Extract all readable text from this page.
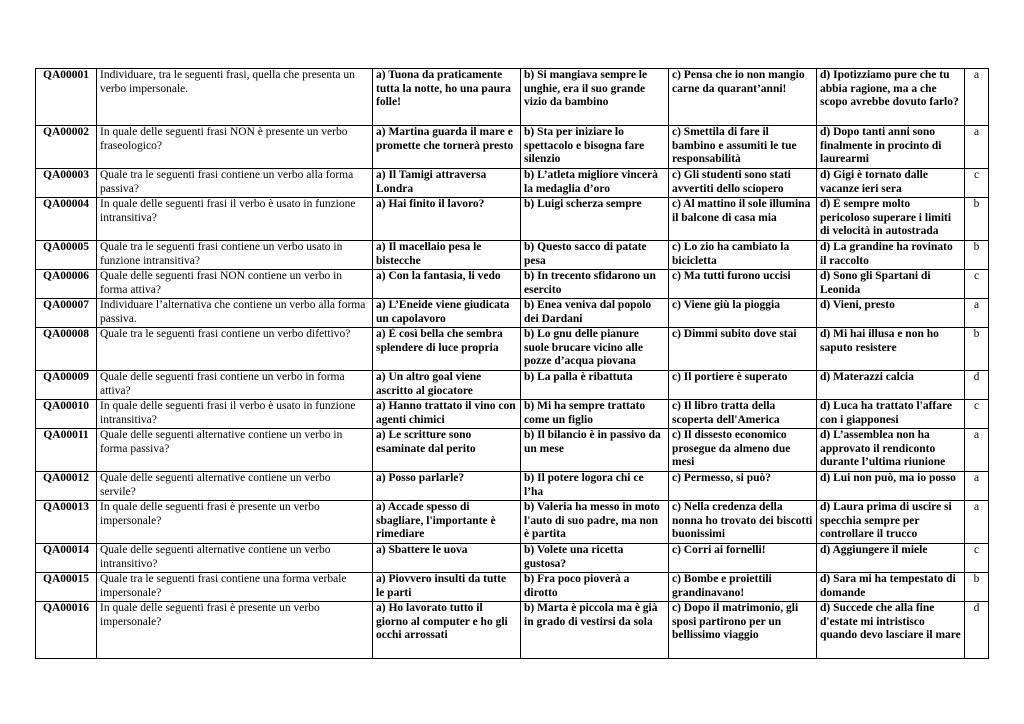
QA00001	Individuare, tra le seguenti frasi, quella che presenta un verbo impersonale.	a) Tuona da praticamente tutta la notte, ho una paura folle!	b) Si mangiava sempre le unghie, era il suo grande vizio da bambino	c) Pensa che io non mangio carne da quarant’anni!	d) Ipotizziamo pure che tu abbia ragione, ma a che scopo avrebbe dovuto farlo?	a
QA00002	In quale delle seguenti frasi NON è presente un verbo fraseologico?	a) Martina guarda il mare e promette che tornerà presto	b) Sta per iniziare lo spettacolo e bisogna fare silenzio	c) Smettila di fare il bambino e assumiti le tue responsabilità	d) Dopo tanti anni sono finalmente in procinto di laurearmi	a
QA00003	Quale tra le seguenti frasi contiene un verbo alla forma passiva?	a) Il Tamigi attraversa Londra	b) L’atleta migliore vincerà la medaglia d’oro	c) Gli studenti sono stati avvertiti dello sciopero	d) Gigi è tornato dalle vacanze ieri sera	c
QA00004	In quale delle seguenti frasi il verbo è usato in funzione intransitiva?	a) Hai finito il lavoro?	b) Luigi scherza sempre	c) Al mattino il sole illumina il balcone di casa mia	d) È sempre molto pericoloso superare i limiti di velocità in autostrada	b
QA00005	Quale tra le seguenti frasi contiene un verbo usato in funzione intransitiva?	a) Il macellaio pesa le bistecche	b) Questo sacco di patate pesa	c) Lo zio ha cambiato la bicicletta	d) La grandine ha rovinato il raccolto	b
QA00006	Quale delle seguenti frasi NON contiene un verbo in forma attiva?	a) Con la fantasia, li vedo	b) In trecento sfidarono un esercito	c) Ma tutti furono uccisi	d) Sono gli Spartani di Leonida	c
QA00007	Individuare l’alternativa che contiene un verbo alla forma passiva.	a) L’Eneide viene giudicata un capolavoro	b) Enea veniva dal popolo dei Dardani	c) Viene giù la pioggia	d) Vieni, presto	a
QA00008	Quale tra le seguenti frasi contiene un verbo difettivo?	a) È così bella che sembra splendere di luce propria	b) Lo gnu delle pianure suole brucare vicino alle pozze d’acqua piovana	c) Dimmi subito dove stai	d) Mi hai illusa e non ho saputo resistere	b
QA00009	Quale delle seguenti frasi contiene un verbo in forma attiva?	a) Un altro goal viene ascritto al giocatore	b) La palla è ribattuta	c) Il portiere è superato	d) Materazzi calcia	d
QA00010	In quale delle seguenti frasi il verbo è usato in funzione intransitiva?	a) Hanno trattato il vino con agenti chimici	b) Mi ha sempre trattato come un figlio	c) Il libro tratta della scoperta dell'America	d) Luca ha trattato l'affare con i giapponesi	c
QA00011	Quale delle seguenti alternative contiene un verbo in forma passiva?	a) Le scritture sono esaminate dal perito	b) Il bilancio è in passivo da un mese	c) Il dissesto economico prosegue da almeno due mesi	d) L’assemblea non ha approvato il rendiconto durante l’ultima riunione	a
QA00012	Quale delle seguenti alternative contiene un verbo servile?	a) Posso parlarle?	b) Il potere logora chi ce l’ha	c) Permesso, si può?	d) Lui non può, ma io posso	a
QA00013	In quale delle seguenti frasi è presente un verbo impersonale?	a) Accade spesso di sbagliare, l'importante è rimediare	b) Valeria ha messo in moto l'auto di suo padre, ma non è partita	c) Nella credenza della nonna ho trovato dei biscotti buonissimi	d) Laura prima di uscire si specchia sempre per controllare il trucco	a
QA00014	Quale delle seguenti alternative contiene un verbo intransitivo?	a) Sbattere le uova	b) Volete una ricetta gustosa?	c) Corri ai fornelli!	d) Aggiungere il miele	c
QA00015	Quale tra le seguenti frasi contiene una forma verbale impersonale?	a) Piovvero insulti da tutte le parti	b) Fra poco pioverà a dirotto	c) Bombe e proiettili grandinavano!	d) Sara mi ha tempestato di domande	b
QA00016	In quale delle seguenti frasi è presente un verbo impersonale?	a) Ho lavorato tutto il giorno al computer e ho gli occhi arrossati	b) Marta è piccola ma è già in grado di vestirsi da sola	c) Dopo il matrimonio, gli sposi partirono per un bellissimo viaggio	d) Succede che alla fine d'estate mi intristisco quando devo lasciare il mare	d
